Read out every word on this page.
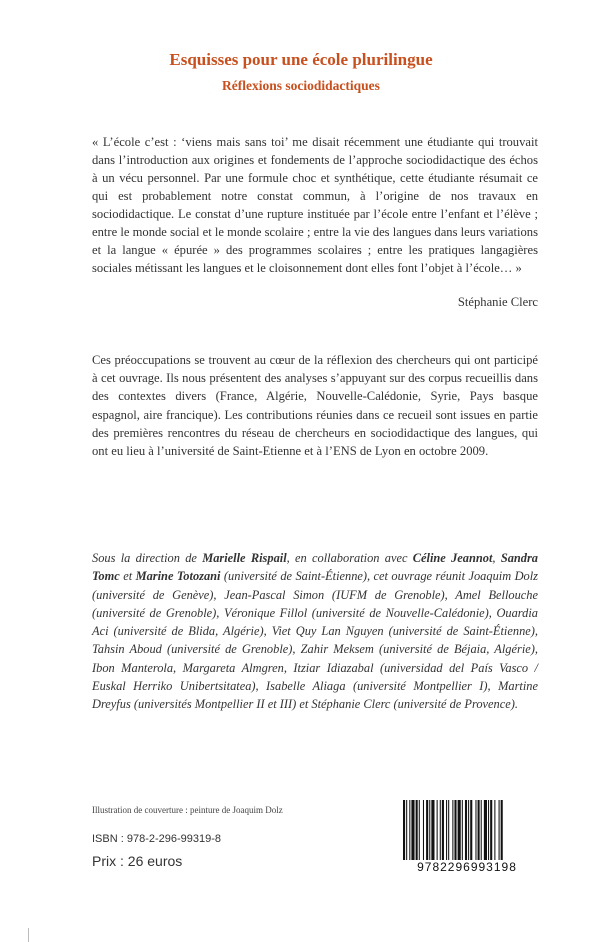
Esquisses pour une école plurilingue
Réflexions sociodidactiques
« L’école c’est : ‘viens mais sans toi’ me disait récemment une étudiante qui trouvait dans l’introduction aux origines et fondements de l’approche sociodidactique des échos à un vécu personnel. Par une formule choc et synthétique, cette étudiante résumait ce qui est probablement notre constat commun, à l’origine de nos travaux en sociodidactique. Le constat d’une rupture instituée par l’école entre l’enfant et l’élève ; entre le monde social et le monde scolaire ; entre la vie des langues dans leurs variations et la langue « épurée » des programmes scolaires ; entre les pratiques langagières sociales métissant les langues et le cloisonnement dont elles font l’objet à l’école… »
Stéphanie Clerc
Ces préoccupations se trouvent au cœur de la réflexion des chercheurs qui ont participé à cet ouvrage. Ils nous présentent des analyses s’appuyant sur des corpus recueillis dans des contextes divers (France, Algérie, Nouvelle-Calédonie, Syrie, Pays basque espagnol, aire francique). Les contributions réunies dans ce recueil sont issues en partie des premières rencontres du réseau de chercheurs en sociodidactique des langues, qui ont eu lieu à l’université de Saint-Etienne et à l’ENS de Lyon en octobre 2009.
Sous la direction de Marielle Rispail, en collaboration avec Céline Jeannot, Sandra Tomc et Marine Totozani (université de Saint-Étienne), cet ouvrage réunit Joaquim Dolz (université de Genève), Jean-Pascal Simon (IUFM de Grenoble), Amel Bellouche (université de Grenoble), Véronique Fillol (université de Nouvelle-Calédonie), Ouardia Aci (université de Blida, Algérie), Viet Quy Lan Nguyen (université de Saint-Étienne), Tahsin Aboud (université de Grenoble), Zahir Meksem (université de Béjaia, Algérie), Ibon Manterola, Margareta Almgren, Itziar Idiazabal (universidad del País Vasco / Euskal Herriko Unibertsitatea), Isabelle Aliaga (université Montpellier I), Martine Dreyfus (universités Montpellier II et III) et Stéphanie Clerc (université de Provence).
Illustration de couverture : peinture de Joaquim Dolz
ISBN : 978-2-296-99319-8
Prix : 26 euros	9782296993198
